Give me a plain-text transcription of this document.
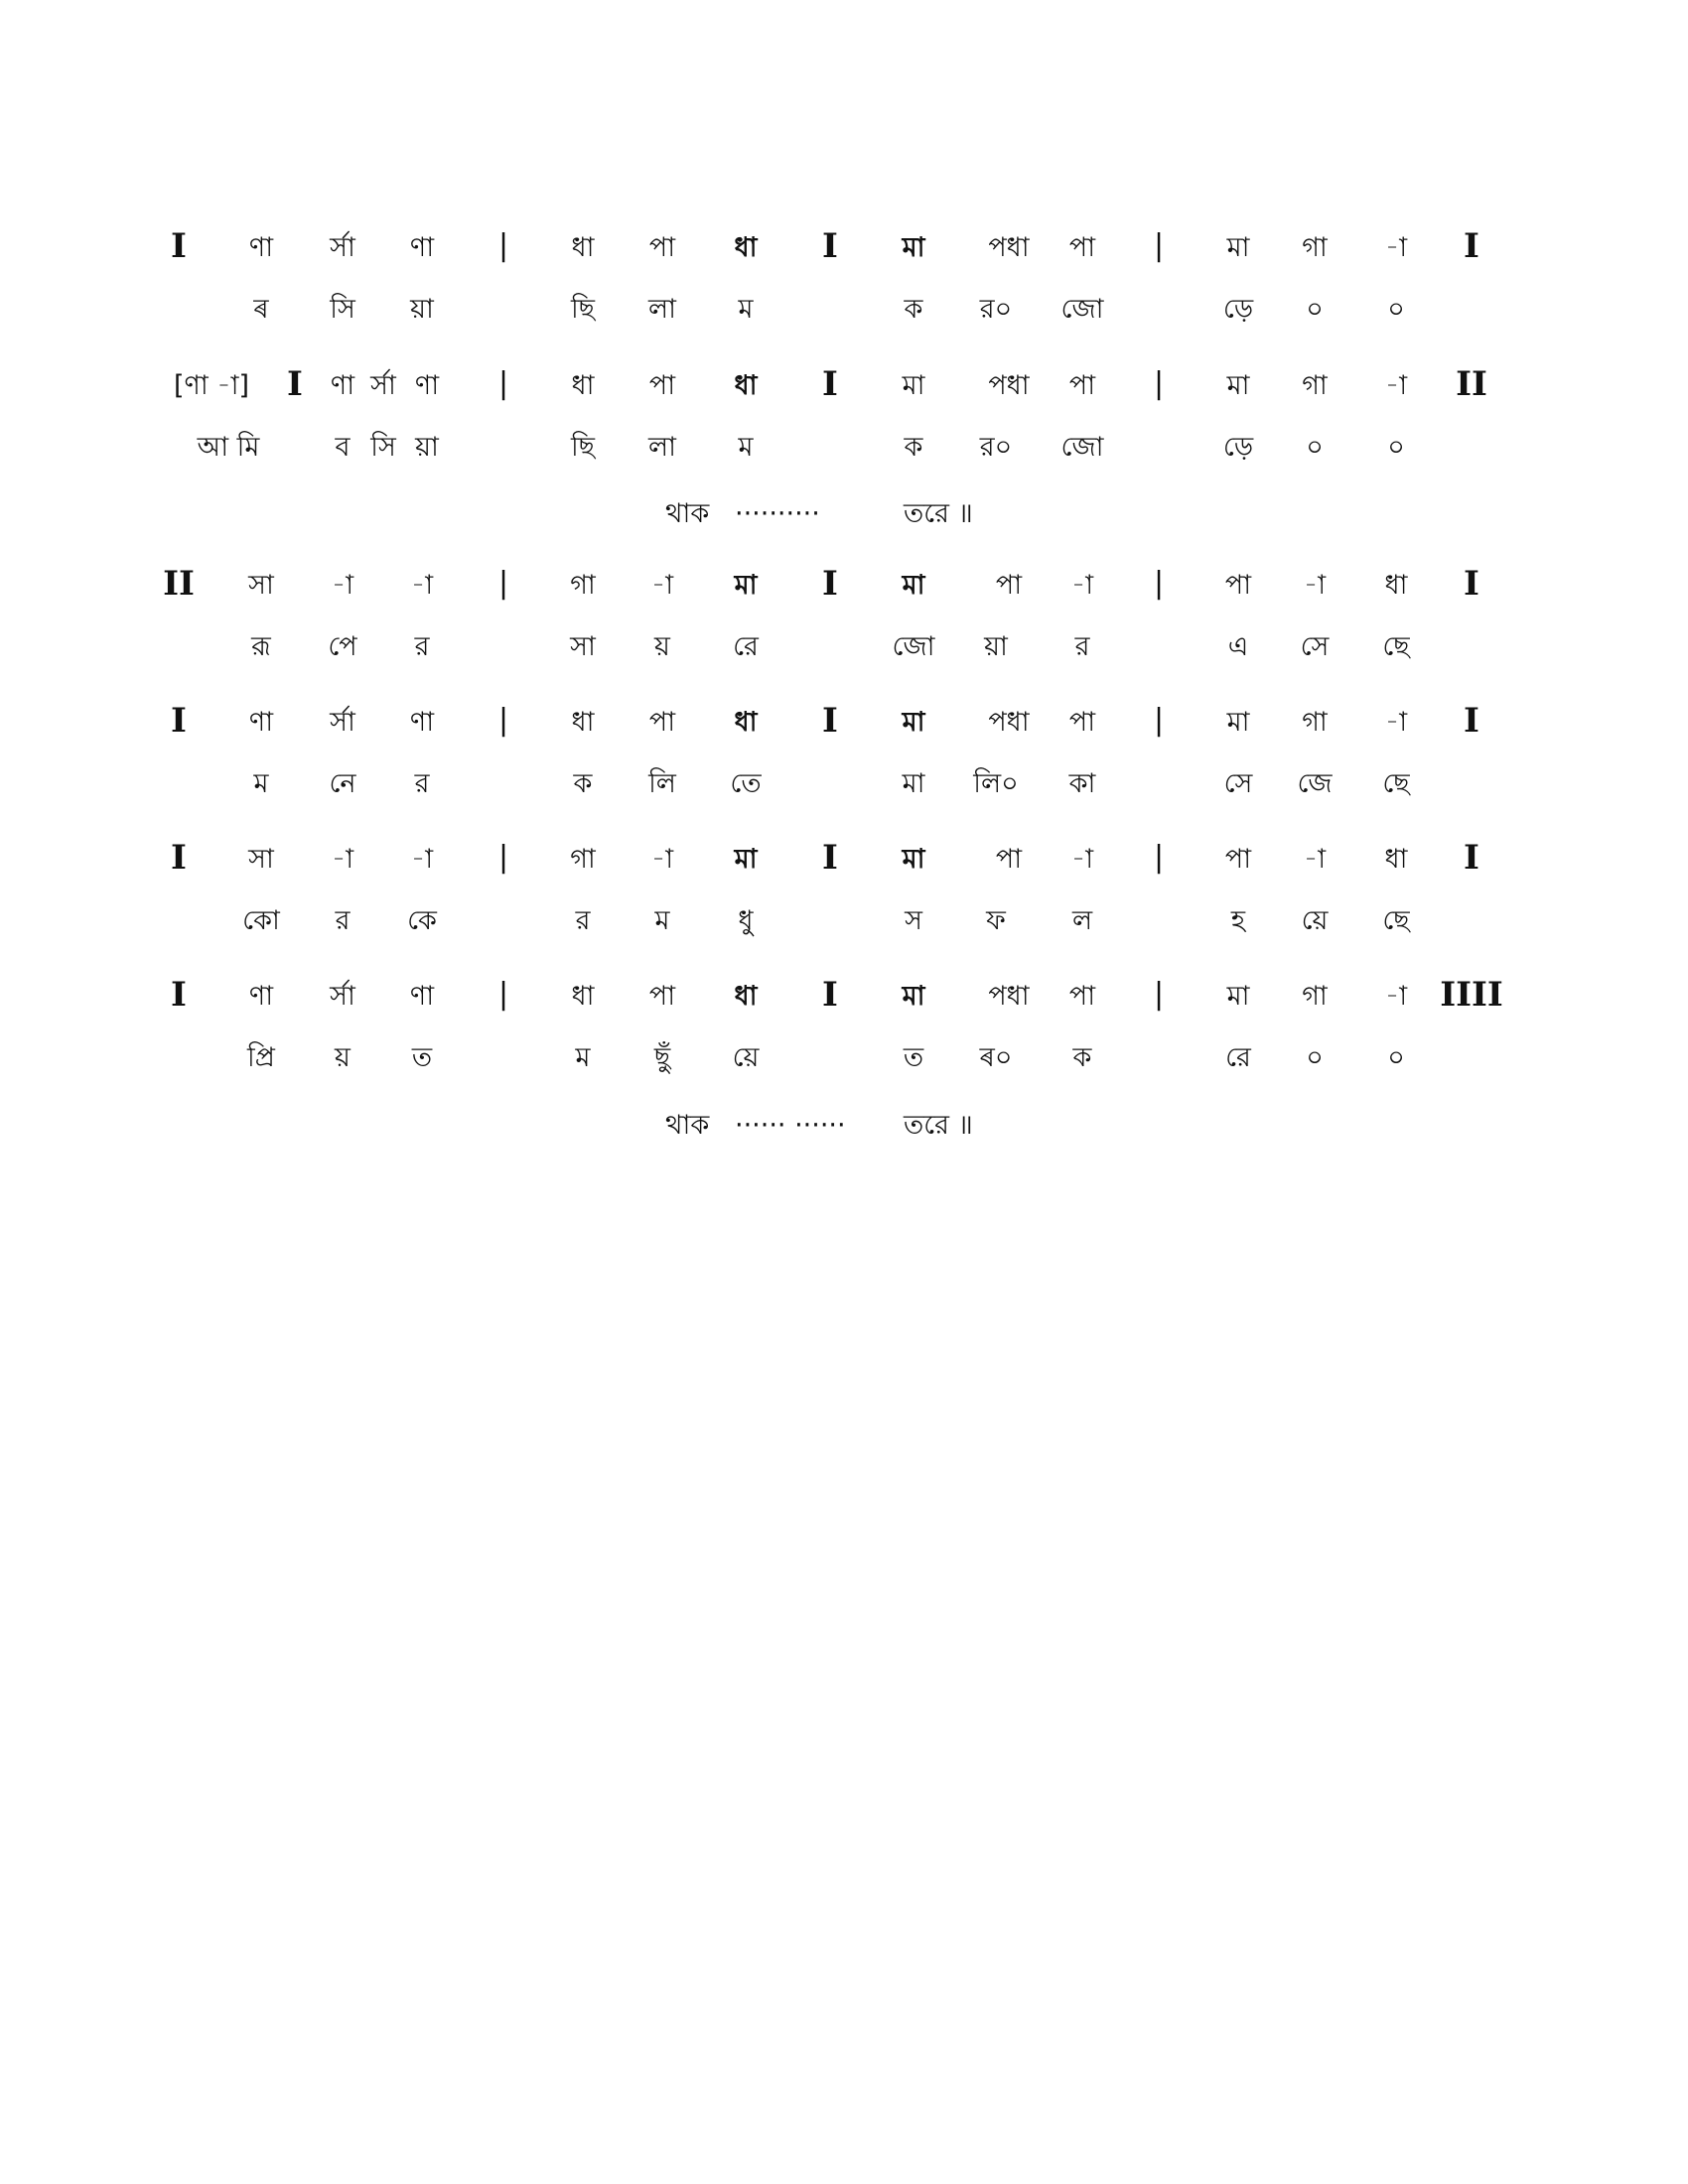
I ণা র্সা ণা | ধা পা ধা I মা পধা পা | মা গা -া I
ৰ সি য়া	ছি লা ম	ক র০ জো	ড়ে ০ ০
[ণা -া] I ণা র্সা ণা | ধা পা ধা I মা পধা পা | মা গা -া II
আ মি	ব সি য়া	ছি লা ম	ক র০ জো	ড়ে ০ ০
থাক ··········	তরে ॥
II সা -া -া | গা -া মা I মা	পা -া | পা -া ধা I
রূ পে র	সা য় রে	জো য়া	র	এ সে ছে
I ণা র্সা ণা | ধা পা ধা I মা পধা পা | মা গা -া I
ম নে র	ক লি তে	মা লি০ কা	সে জে ছে
I সা -া -া | গা -া মা I মা	পা -া | পা -া ধা I
কো র কে	র ম	ধু	স ফ ল	হ য়ে ছে
I ণা র্সা ণা | ধা পা ধা I মা পধা পা | মা গা -া IIII
প্রি য় ত	ম ছুঁ য়ে	ত ৰ০ ক	রে ০ ০
থাক ······ ······ তরে ॥
